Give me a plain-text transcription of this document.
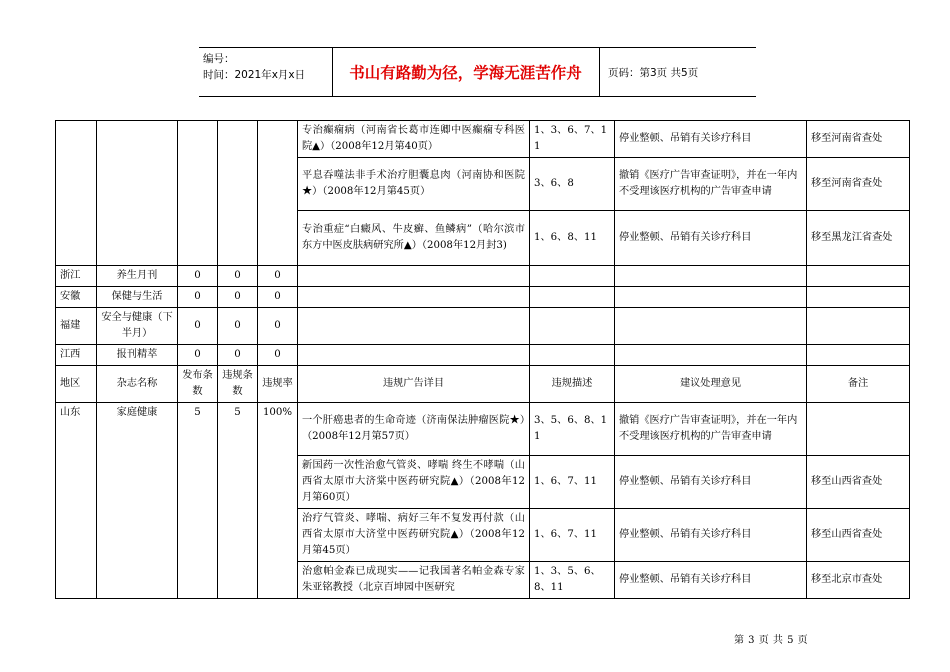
编号：
时间：2021年x月x日	书山有路勤为径，学海无涯苦作舟	页码：第3页 共5页
					专治癫痫病（河南省长葛市连卿中医癫痫专科医院▲）（2008年12月第40页）	1、3、6、7、11	停业整顿、吊销有关诊疗科目	移至河南省查处
					平息吞噬法非手术治疗胆囊息肉（河南协和医院★）（2008年12月第45页）	3、6、8	撤销《医疗广告审查证明》，并在一年内不受理该医疗机构的广告审查申请	移至河南省查处
					专治重症“白癜风、牛皮癣、鱼鳞病”（哈尔滨市东方中医皮肤病研究所▲）（2008年12月封3)	1、6、8、11	停业整顿、吊销有关诊疗科目	移至黑龙江省查处
浙江	养生月刊	0	0	0				
安徽	保健与生活	0	0	0				
福建	安全与健康（下半月）	0	0	0				
江西	报刊精萃	0	0	0				
地区	杂志名称	发布条数	违规条数	违规率	违规广告详目	违规描述	建议处理意见	备注
山东	家庭健康	5	5	100%	一个肝癌患者的生命奇迹（济南保法肿瘤医院★）（2008年12月第57页）	3、5、6、8、11	撤销《医疗广告审查证明》，并在一年内不受理该医疗机构的广告审查申请	
					新国药一次性治愈气管炎、哮喘 终生不哮喘（山西省太原市大济棠中医药研究院▲）（2008年12月第60页）	1、6、7、11	停业整顿、吊销有关诊疗科目	移至山西省查处
					治疗气管炎、哮喘、病好三年不复发再付款（山西省太原市大济堂中医药研究院▲）（2008年12月第45页）	1、6、7、11	停业整顿、吊销有关诊疗科目	移至山西省查处
					治愈帕金森已成现实——记我国著名帕金森专家朱亚铭教授（北京百坤园中医研究	1、3、5、6、8、11	停业整顿、吊销有关诊疗科目	移至北京市查处
第 3 页 共 5 页
